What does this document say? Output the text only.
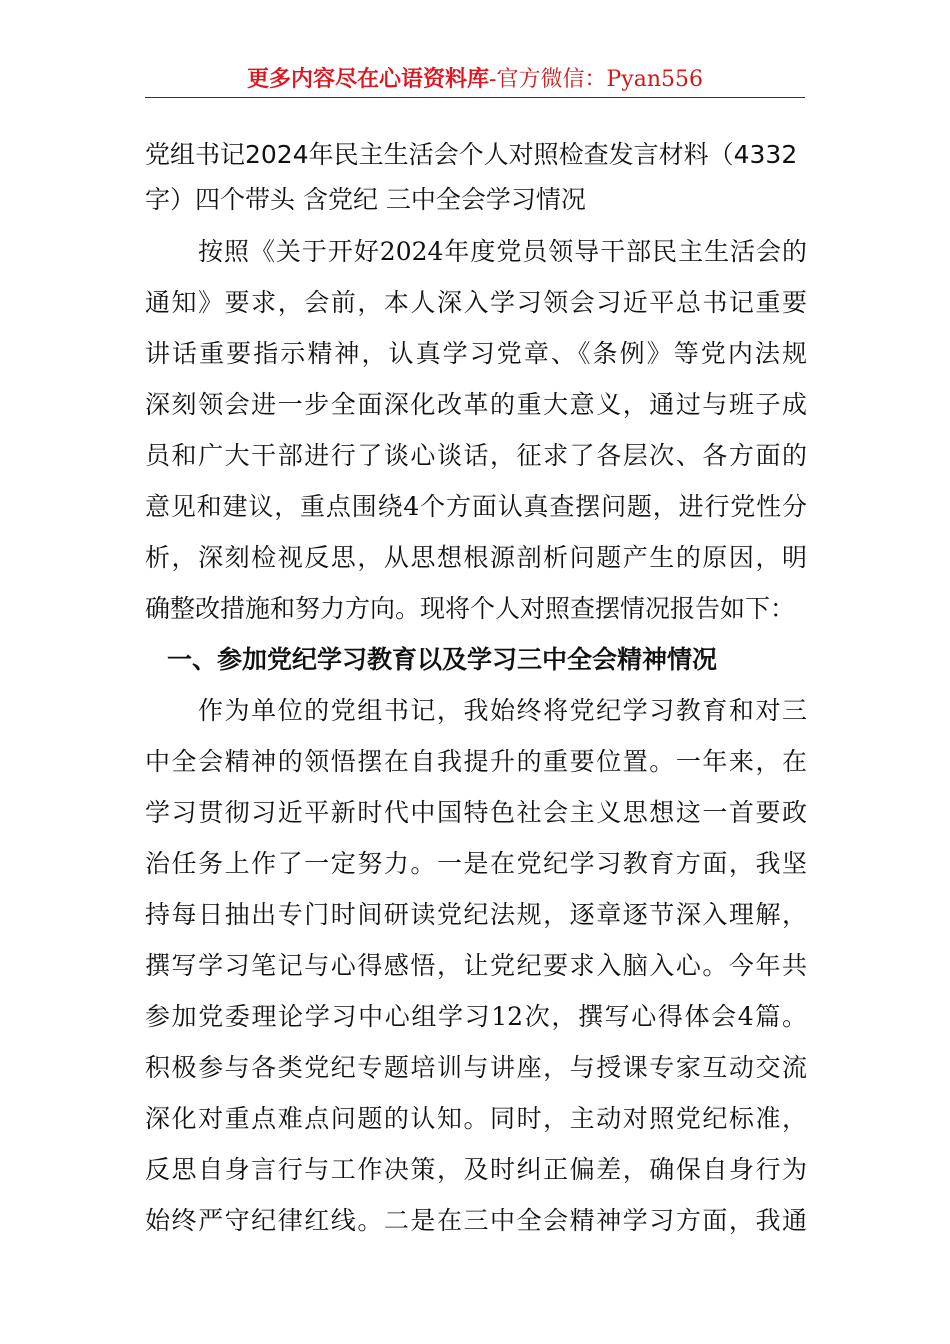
更多内容尽在心语资料库-官方微信：Pyan556
党组书记2024年民主生活会个人对照检查发言材料（4332
字）四个带头 含党纪 三中全会学习情况
按照《关于开好2024年度党员领导干部民主生活会的
通知》要求，会前，本人深入学习领会习近平总书记重要
讲话重要指示精神，认真学习党章、《条例》等党内法规
深刻领会进一步全面深化改革的重大意义，通过与班子成
员和广大干部进行了谈心谈话，征求了各层次、各方面的
意见和建议，重点围绕4个方面认真查摆问题，进行党性分
析，深刻检视反思，从思想根源剖析问题产生的原因，明
确整改措施和努力方向。现将个人对照查摆情况报告如下：
一、参加党纪学习教育以及学习三中全会精神情况
作为单位的党组书记，我始终将党纪学习教育和对三
中全会精神的领悟摆在自我提升的重要位置。一年来，在
学习贯彻习近平新时代中国特色社会主义思想这一首要政
治任务上作了一定努力。一是在党纪学习教育方面，我坚
持每日抽出专门时间研读党纪法规，逐章逐节深入理解，
撰写学习笔记与心得感悟，让党纪要求入脑入心。今年共
参加党委理论学习中心组学习12次，撰写心得体会4篇。
积极参与各类党纪专题培训与讲座，与授课专家互动交流
深化对重点难点问题的认知。同时，主动对照党纪标准，
反思自身言行与工作决策，及时纠正偏差，确保自身行为
始终严守纪律红线。二是在三中全会精神学习方面，我通
